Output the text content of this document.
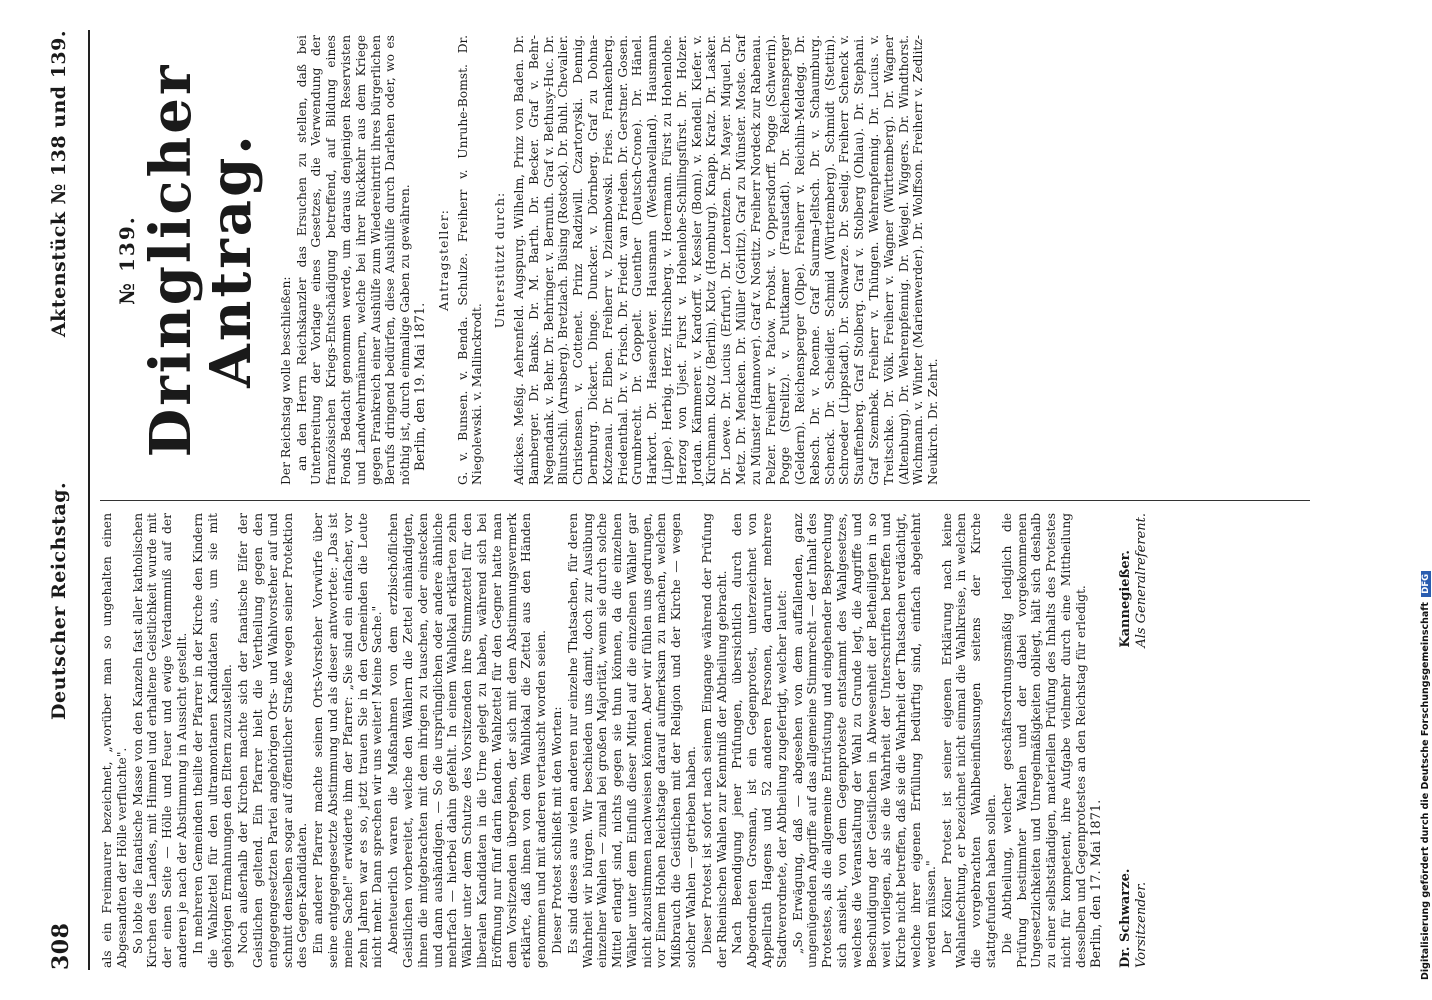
308
Deutscher Reichstag.
Aktenstück № 138 und 139.

als ein Freimaurer bezeichnet, „worüber man so ungehalten einen Abgesandten der Hölle verfluchte". So lobte die fanatische Masse von den Kanzeln fast aller katholischen Kirchen des Landes, mit Himmel und erhaltene Geistlichkeit wurde mit der einen Seite — Hölle und Feuer und ewige Verdammniß auf der anderen je nach der Abstimmung in Aussicht gestellt. In mehreren Gemeinden theilte der Pfarrer in der Kirche den Kindern die Wahlzettel für den ultramontanen Kandidaten aus, um sie mit gehörigen Ermahnungen den Eltern zuzustellen. Noch außerhalb der Kirchen machte sich der fanatische Eifer der Geistlichen geltend. Ein Pfarrer hielt die Vertheilung gegen den entgegengesetzten Partei angehörigen Orts- und Wahlvorsteher auf und schnitt denselben sogar auf öffentlicher Straße wegen seiner Protektion des Gegen-Kandidaten. Ein anderer Pfarrer machte seinen Orts-Vorsteher Vorwürfe über seine entgegengesetzte Abstimmung und als dieser antwortete: „Das ist meine Sache!" erwiderte ihm der Pfarrer: „Sie sind ein einfacher, vor zehn Jahren war es so, jetzt trauen Sie in den Gemeinden die Leute nicht mehr. Dann sprechen wir uns weiter! Meine Sache." Abenteuerlich waren die Maßnahmen von dem erzbischöflichen Geistlichen vorbereitet, welche den Wählern die Zettel einhändigten, ihnen die mitgebrachten mit dem ihrigen zu tauschen, oder einstecken und dann aushändigen. — So die ursprünglichen oder andere ähnliche mehrfach — hierbei dahin gefehlt. In einem Wahllokal erklärten zehn Wähler unter dem Schutze des Vorsitzenden ihre Stimmzettel für den liberalen Kandidaten in die Urne gelegt zu haben, während sich bei Eröffnung nur fünf darin fanden. Wahlzettel für den Gegner hatte man dem Vorsitzenden übergeben, der sich mit dem Abstimmungsvermerk erklärte, daß ihnen von dem Wahllokal die Zettel aus den Händen genommen und mit anderen vertauscht worden seien. Dieser Protest schließt mit den Worten: Es sind dieses aus vielen anderen nur einzelne Thatsachen, für deren Wahrheit wir bürgen. Wir beschieden uns damit, doch zur Ausübung einzelner Wahlen — zumal bei großen Majorität, wenn sie durch solche Mittel erlangt sind, nichts gegen sie thun können, da die einzelnen Wähler unter dem Einfluß dieser Mittel auf die einzelnen Wähler gar nicht abzustimmen nachweisen können. Aber wir fühlen uns gedrungen, vor Einem Hohen Reichstage darauf aufmerksam zu machen, welchen Mißbrauch die Geistlichen mit der Religion und der Kirche — wegen solcher Wahlen — getrieben haben. Dieser Protest ist sofort nach seinem Eingange während der Prüfung der Rheinischen Wahlen zur Kenntniß der Abtheilung gebracht. Nach Beendigung jener Prüfungen, übersichtlich durch den Abgeordneten Grosman, ist ein Gegenprotest, unterzeichnet von Appellrath Hagens und 52 anderen Personen, darunter mehrere Stadtverordnete, der Abtheilung zugefertigt, welcher lautet: „So Erwägung, daß — abgesehen von dem auffallenden, ganz ungenügenden Angriffe auf das allgemeine Stimmrecht — der Inhalt des Protestes, als die allgemeine Entrüstung und eingehender Besprechung sich ansieht, von dem Gegenproteste entstammt des Wahlgesetzes, welches die Veranstaltung der Wahl zu Grunde legt, die Angriffe und Beschuldigung der Geistlichen in Abwesenheit der Betheiligten in so weit vorliegen, als sie die Wahrheit der Unterschriften betreffen und Kirche nicht betreffen, daß sie die Wahrheit der Thatsachen verdächtigt, welche ihrer eigenen Erfüllung bedürftig sind, einfach abgelehnt werden müssen." Der Kölner Protest ist seiner eigenen Erklärung nach keine Wahlanfechtung, er bezeichnet nicht einmal die Wahlkreise, in welchen die vorgebrachten Wahlbeeinflussungen seitens der Kirche stattgefunden haben sollen. Die Abtheilung, welcher geschäftsordnungsmäßig lediglich die Prüfung bestimmter Wahlen und der dabei vorgekommenen Ungesetzlichkeiten und Unregelmäßigkeiten obliegt, hält sich deshalb zu einer selbstständigen, materiellen Prüfung des Inhalts des Protestes nicht für kompetent, ihre Aufgabe vielmehr durch eine Mittheilung desselben und Gegenprotestes an den Reichstag für erledigt. Berlin, den 17. Mai 1871. Dr. Schwarze. Vorsitzender.
Kannegießer. Als Generalreferent.
№ 139.
Dringlicher Antrag. Der Reichstag wolle beschließen: an den Herrn Reichskanzler das Ersuchen zu stellen, daß bei Unterbreitung der Vorlage eines Gesetzes, die Verwendung der französischen Kriegs-Entschädigung betreffend, auf Bildung eines Fonds Bedacht genommen werde, um daraus denjenigen Reservisten und Landwehrmännern, welche bei ihrer Rückkehr aus dem Kriege gegen Frankreich einer Aushülfe zum Wiedereintritt ihres bürgerlichen Berufs dringend bedürfen, diese Aushülfe durch Darlehen oder, wo es nöthig ist, durch einmalige Gaben zu gewähren. Berlin, den 19. Mai 1871.

Antragsteller: G. v. Bunsen. v. Benda. Schulze. Freiherr v. Unruhe-Bomst. Dr. Niegolewski. v. Mallinckrodt.

Unterstützt durch: Adickes. Meßig. Aehrenfeld. Augspurg. Wilhelm, Prinz von Baden. Dr. Bamberger. Dr. Banks. Dr. M. Barth. Dr. Becker. Graf v. Behr-Negendank. v. Behr. Dr. Behringer. v. Bernuth. Graf v. Bethusy-Huc. Dr. Bluntschli. (Arnsberg). Bretzlach. Büsing (Rostock). Dr. Buhl. Chevalier. Christensen. v. Cottenet. Prinz Radziwill. Czartoryski. Dennig. Dernburg. Dickert. Dinge. Duncker. v. Dörnberg. Graf zu Dohna-Kotzenau. Dr. Elben. Freiherr v. Dziembowski. Fries. Frankenberg. Friedenthal. Dr. v. Frisch. Dr. Friedr. van Frieden. Dr. Gerstner. Gosen. Grumbrecht. Dr. Goppelt. Guenther (Deutsch-Crone). Dr. Hänel. Harkort. Dr. Hasenclever. Hausmann (Westhavelland). Hausmann (Lippe). Herbig. Herz. Hirschberg. v. Hoermann. Fürst zu Hohenlohe. Herzog von Ujest. Fürst v. Hohenlohe-Schillingsfürst. Dr. Holzer. Jordan. Kämmerer. v. Kardorff. v. Kessler (Bonn). v. Kendell. Kiefer. v. Kirchmann. Klotz (Berlin). Klotz (Homburg). Knapp. Kratz. Dr. Lasker. Dr. Loewe. Dr. Lucius (Erfurt). Dr. Lorentzen. Dr. Mayer. Miquel. Dr. Metz. Dr. Mencken. Dr. Müller (Görlitz). Graf zu Münster. Moste. Graf zu Münster (Hannover). Graf v. Nostitz. Freiherr Nordeck zur Rabenau. Pelzer. Freiherr v. Patow. Probst. v. Oppersdorff. Pogge (Schwerin). Pogge (Strelitz). v. Puttkamer (Fraustadt). Dr. Reichensperger (Geldern). Reichensperger (Olpe). Freiherr v. Reichlin-Meldegg. Dr. Rebsch. Dr. v. Roenne. Graf Saurma-Jeltsch. Dr. v. Schaumburg. Schenck. Dr. Scheidler. Schmid (Württemberg). Schmidt (Stettin). Schroeder (Lippstadt). Dr. Schwarze. Dr. Seelig. Freiherr Schenck v. Stauffenberg. Graf Stolberg. Graf v. Stolberg (Ohlau). Dr. Stephani. Graf Szembek. Freiherr v. Thüngen. Wehrenpfennig. Dr. Lucius. v. Treitschke. Dr. Völk. Freiherr v. Wagner (Württemberg). Dr. Wagner (Altenburg). Dr. Wehrenpfennig. Dr. Weigel. Wiggers. Dr. Windthorst. Wichmann. v. Winter (Marienwerder). Dr. Wolffson. Freiherr v. Zedlitz-Neukirch. Dr. Zehrt.

Digitalisierung gefördert durch die Deutsche Forschungsgemeinschaft DFG
